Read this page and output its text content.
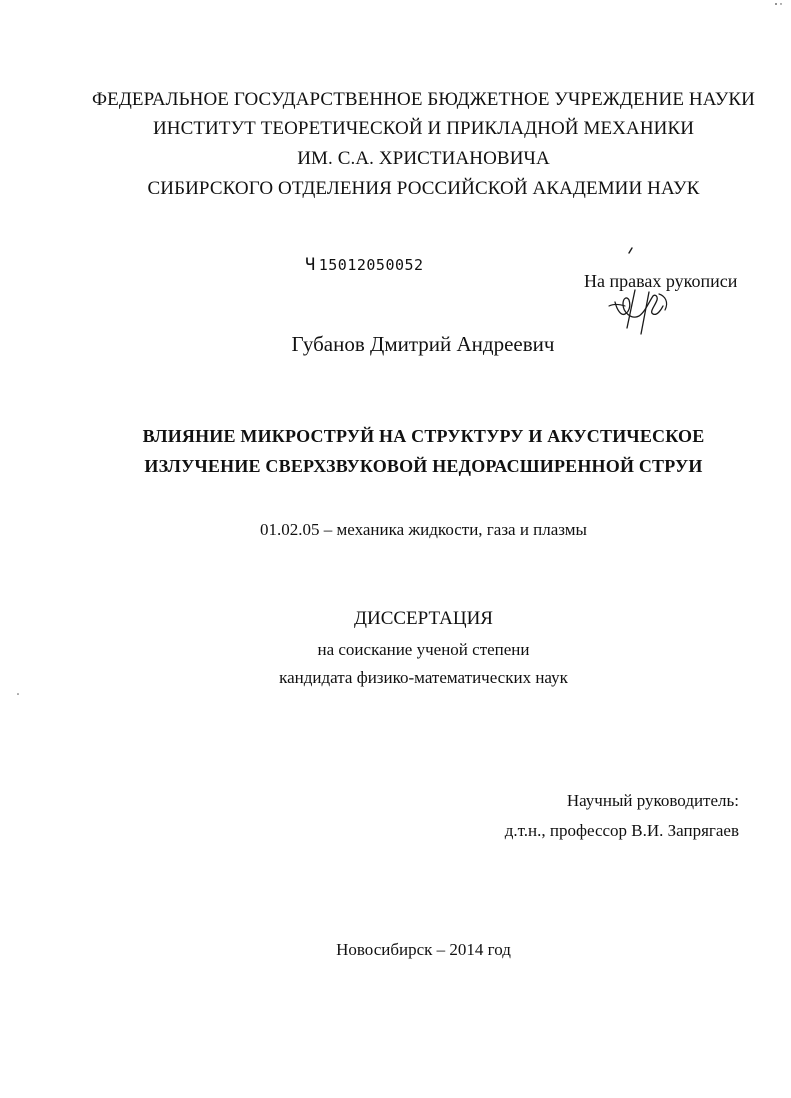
ФЕДЕРАЛЬНОЕ ГОСУДАРСТВЕННОЕ БЮДЖЕТНОЕ УЧРЕЖДЕНИЕ НАУКИ
ИНСТИТУТ ТЕОРЕТИЧЕСКОЙ И ПРИКЛАДНОЙ МЕХАНИКИ
ИМ. С.А. ХРИСТИАНОВИЧА
СИБИРСКОГО ОТДЕЛЕНИЯ РОССИЙСКОЙ АКАДЕМИИ НАУК
Ч 15012050052
На правах рукописи
Губанов Дмитрий Андреевич
ВЛИЯНИЕ МИКРОСТРУЙ НА СТРУКТУРУ И АКУСТИЧЕСКОЕ
ИЗЛУЧЕНИЕ СВЕРХЗВУКОВОЙ НЕДОРАСШИРЕННОЙ СТРУИ
01.02.05 – механика жидкости, газа и плазмы
ДИССЕРТАЦИЯ
на соискание ученой степени
кандидата физико-математических наук
Научный руководитель:
д.т.н., профессор В.И. Запрягаев
Новосибирск – 2014 год
